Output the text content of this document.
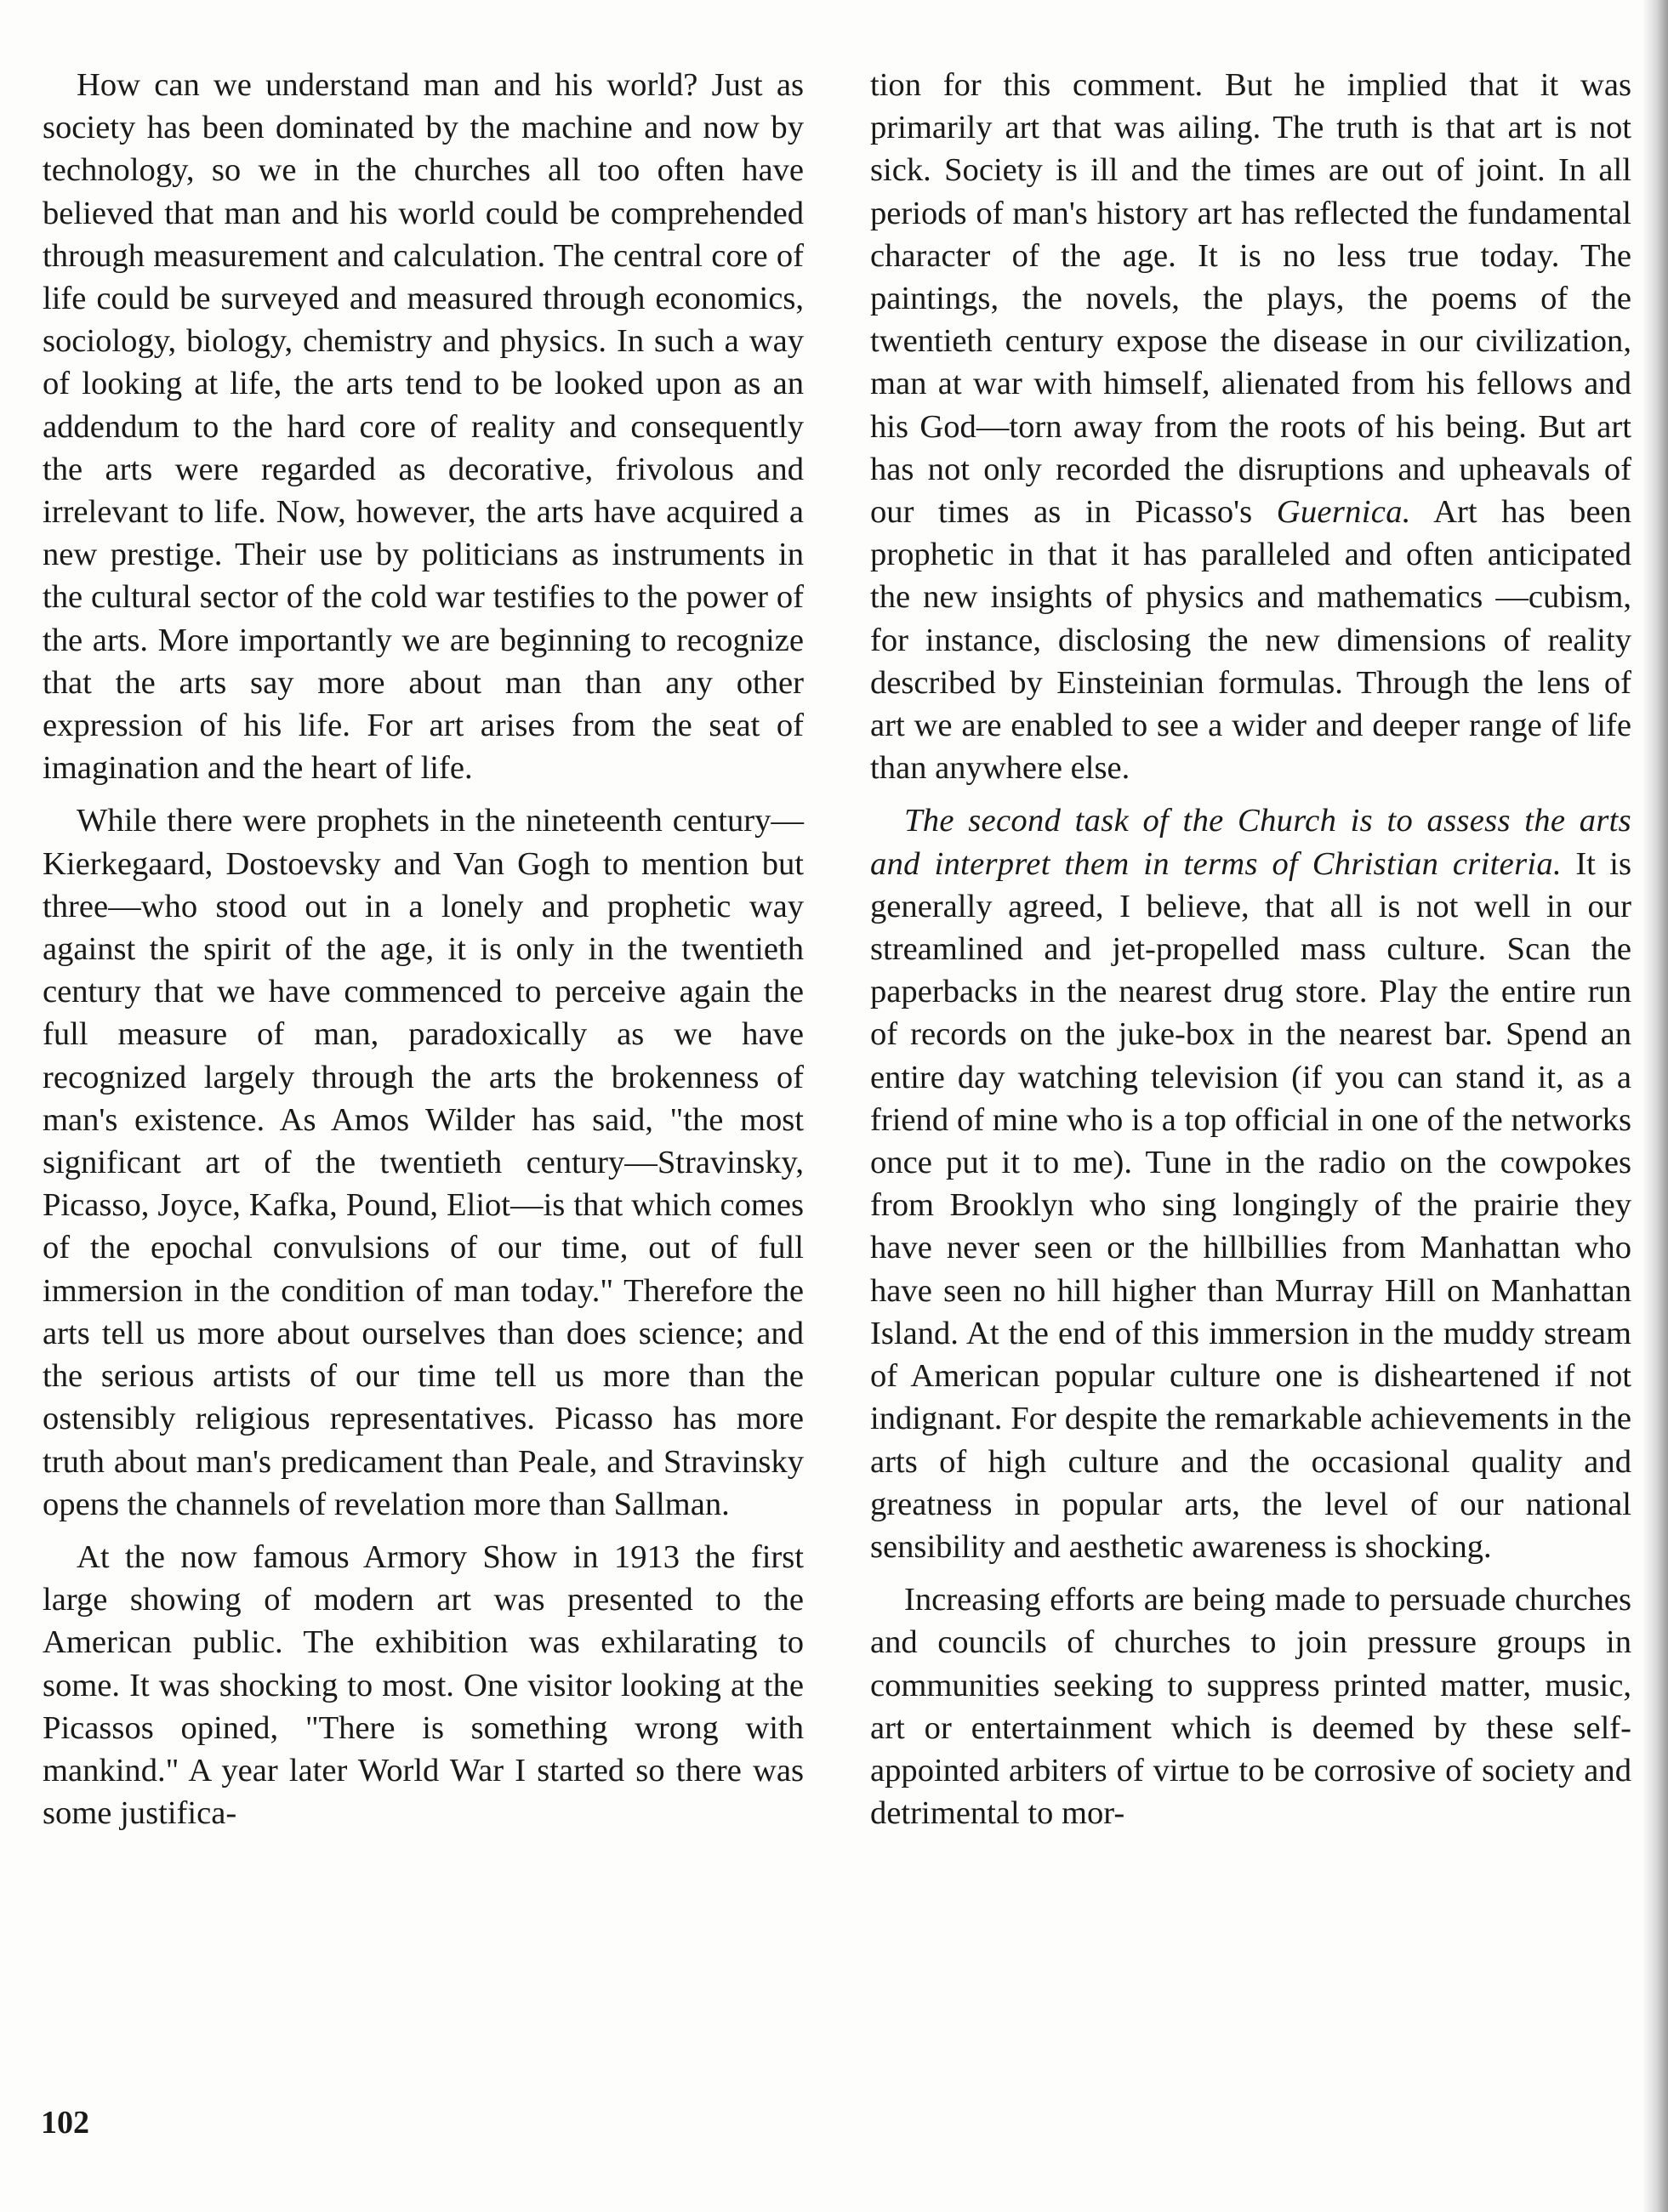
How can we understand man and his world? Just as society has been dominated by the machine and now by technology, so we in the churches all too often have believed that man and his world could be comprehended through measurement and calculation. The central core of life could be surveyed and measured through economics, sociology, biology, chemistry and physics. In such a way of looking at life, the arts tend to be looked upon as an addendum to the hard core of reality and consequently the arts were regarded as decorative, frivolous and irrelevant to life. Now, however, the arts have acquired a new prestige. Their use by politicians as instruments in the cultural sector of the cold war testifies to the power of the arts. More importantly we are beginning to recognize that the arts say more about man than any other expression of his life. For art arises from the seat of imagination and the heart of life.

While there were prophets in the nineteenth century—Kierkegaard, Dostoevsky and Van Gogh to mention but three—who stood out in a lonely and prophetic way against the spirit of the age, it is only in the twentieth century that we have commenced to perceive again the full measure of man, paradoxically as we have recognized largely through the arts the brokenness of man's existence. As Amos Wilder has said, "the most significant art of the twentieth century—Stravinsky, Picasso, Joyce, Kafka, Pound, Eliot—is that which comes of the epochal convulsions of our time, out of full immersion in the condition of man today." Therefore the arts tell us more about ourselves than does science; and the serious artists of our time tell us more than the ostensibly religious representatives. Picasso has more truth about man's predicament than Peale, and Stravinsky opens the channels of revelation more than Sallman.

At the now famous Armory Show in 1913 the first large showing of modern art was presented to the American public. The exhibition was exhilarating to some. It was shocking to most. One visitor looking at the Picassos opined, "There is something wrong with mankind." A year later World War I started so there was some justifica-

tion for this comment. But he implied that it was primarily art that was ailing. The truth is that art is not sick. Society is ill and the times are out of joint. In all periods of man's history art has reflected the fundamental character of the age. It is no less true today. The paintings, the novels, the plays, the poems of the twentieth century expose the disease in our civilization, man at war with himself, alienated from his fellows and his God—torn away from the roots of his being. But art has not only recorded the disruptions and upheavals of our times as in Picasso's Guernica. Art has been prophetic in that it has paralleled and often anticipated the new insights of physics and mathematics —cubism, for instance, disclosing the new dimensions of reality described by Einsteinian formulas. Through the lens of art we are enabled to see a wider and deeper range of life than anywhere else.

The second task of the Church is to assess the arts and interpret them in terms of Christian criteria. It is generally agreed, I believe, that all is not well in our streamlined and jet-propelled mass culture. Scan the paperbacks in the nearest drug store. Play the entire run of records on the juke-box in the nearest bar. Spend an entire day watching television (if you can stand it, as a friend of mine who is a top official in one of the networks once put it to me). Tune in the radio on the cowpokes from Brooklyn who sing longingly of the prairie they have never seen or the hillbillies from Manhattan who have seen no hill higher than Murray Hill on Manhattan Island. At the end of this immersion in the muddy stream of American popular culture one is disheartened if not indignant. For despite the remarkable achievements in the arts of high culture and the occasional quality and greatness in popular arts, the level of our national sensibility and aesthetic awareness is shocking.

Increasing efforts are being made to persuade churches and councils of churches to join pressure groups in communities seeking to suppress printed matter, music, art or entertainment which is deemed by these self-appointed arbiters of virtue to be corrosive of society and detrimental to mor-

102
